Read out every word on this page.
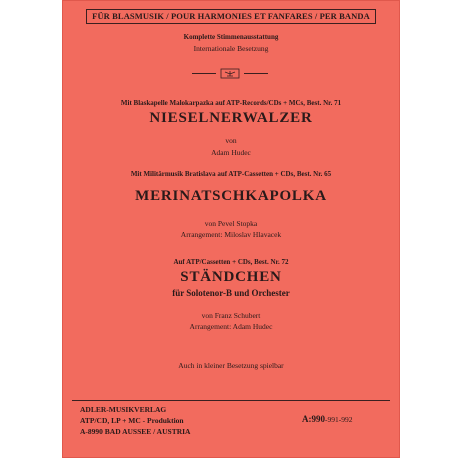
FÜR BLASMUSIK / POUR HARMONIES ET FANFARES / PER BANDA
Komplette Stimmenausstattung
Internationale Besetzung
Mit Blaskapelle Malokarpazka auf ATP-Records/CDs + MCs, Best. Nr. 71
NIESELNERWALZER
von
Adam Hudec
Mit Militärmusik Bratislava auf ATP-Cassetten + CDs, Best. Nr. 65
MERINATSCHKAPOLKA
von Pevel Stopka
Arrangement: Miloslav Hlavacek
Auf ATP/Cassetten + CDs, Best. Nr. 72
STÄNDCHEN
für Solotenor-B und Orchester
von Franz Schubert
Arrangement: Adam Hudec
Auch in kleiner Besetzung spielbar
ADLER-MUSIKVERLAG
ATP/CD, LP + MC - Produktion
A-8990 BAD AUSSEE / AUSTRIA
A:990-991-992
